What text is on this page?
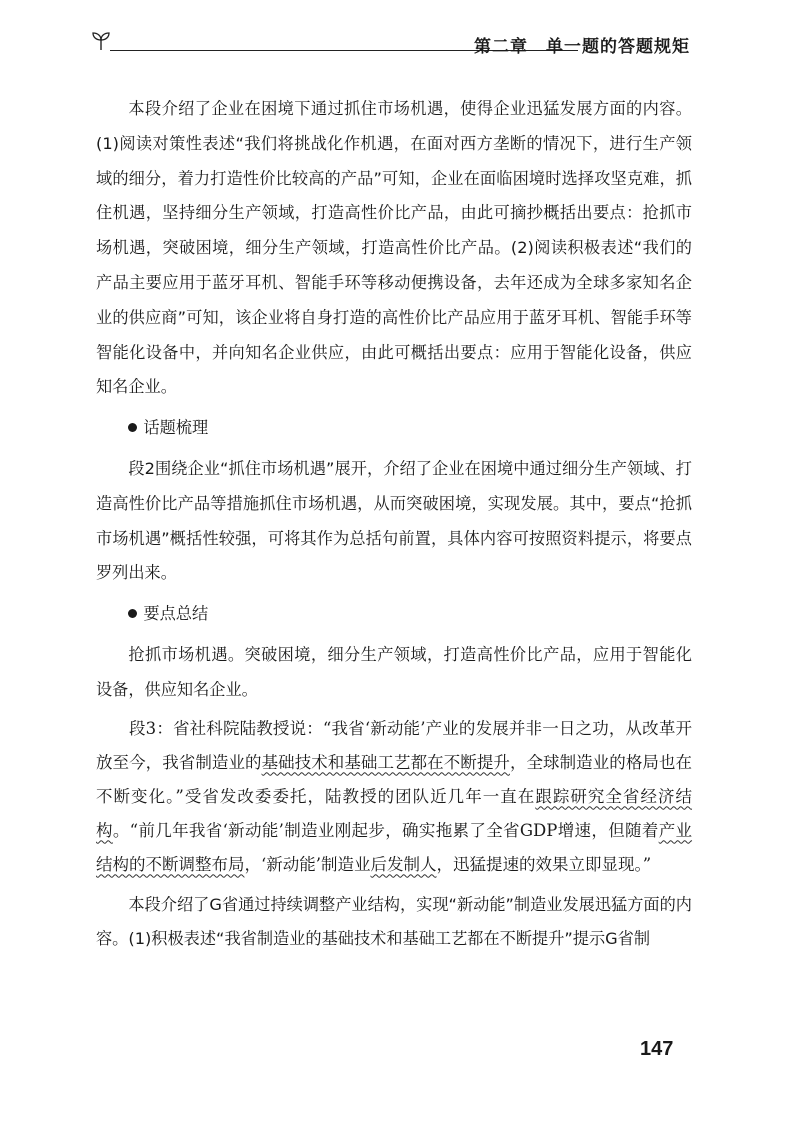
第二章　单一题的答题规矩

本段介绍了企业在困境下通过抓住市场机遇，使得企业迅猛发展方面的内容。(1)阅读对策性表述“我们将挑战化作机遇，在面对西方垄断的情况下，进行生产领域的细分，着力打造性价比较高的产品”可知，企业在面临困境时选择攻坚克难，抓住机遇，坚持细分生产领域，打造高性价比产品，由此可摘抄概括出要点：抢抓市场机遇，突破困境，细分生产领域，打造高性价比产品。(2)阅读积极表述“我们的产品主要应用于蓝牙耳机、智能手环等移动便携设备，去年还成为全球多家知名企业的供应商”可知，该企业将自身打造的高性价比产品应用于蓝牙耳机、智能手环等智能化设备中，并向知名企业供应，由此可概括出要点：应用于智能化设备，供应知名企业。

话题梳理

段2围绕企业“抓住市场机遇”展开，介绍了企业在困境中通过细分生产领域、打造高性价比产品等措施抓住市场机遇，从而突破困境，实现发展。其中，要点“抢抓市场机遇”概括性较强，可将其作为总括句前置，具体内容可按照资料提示，将要点罗列出来。

要点总结

抢抓市场机遇。突破困境，细分生产领域，打造高性价比产品，应用于智能化设备，供应知名企业。

段3：省社科院陆教授说：“我省‘新动能’产业的发展并非一日之功，从改革开放至今，我省制造业的基础技术和基础工艺都在不断提升，全球制造业的格局也在不断变化。”受省发改委委托，陆教授的团队近几年一直在跟踪研究全省经济结构。“前几年我省‘新动能’制造业刚起步，确实拖累了全省GDP增速，但随着产业结构的不断调整布局，‘新动能’制造业后发制人，迅猛提速的效果立即显现。”

本段介绍了G省通过持续调整产业结构，实现“新动能”制造业发展迅猛方面的内容。(1)积极表述“我省制造业的基础技术和基础工艺都在不断提升”提示G省制

147
